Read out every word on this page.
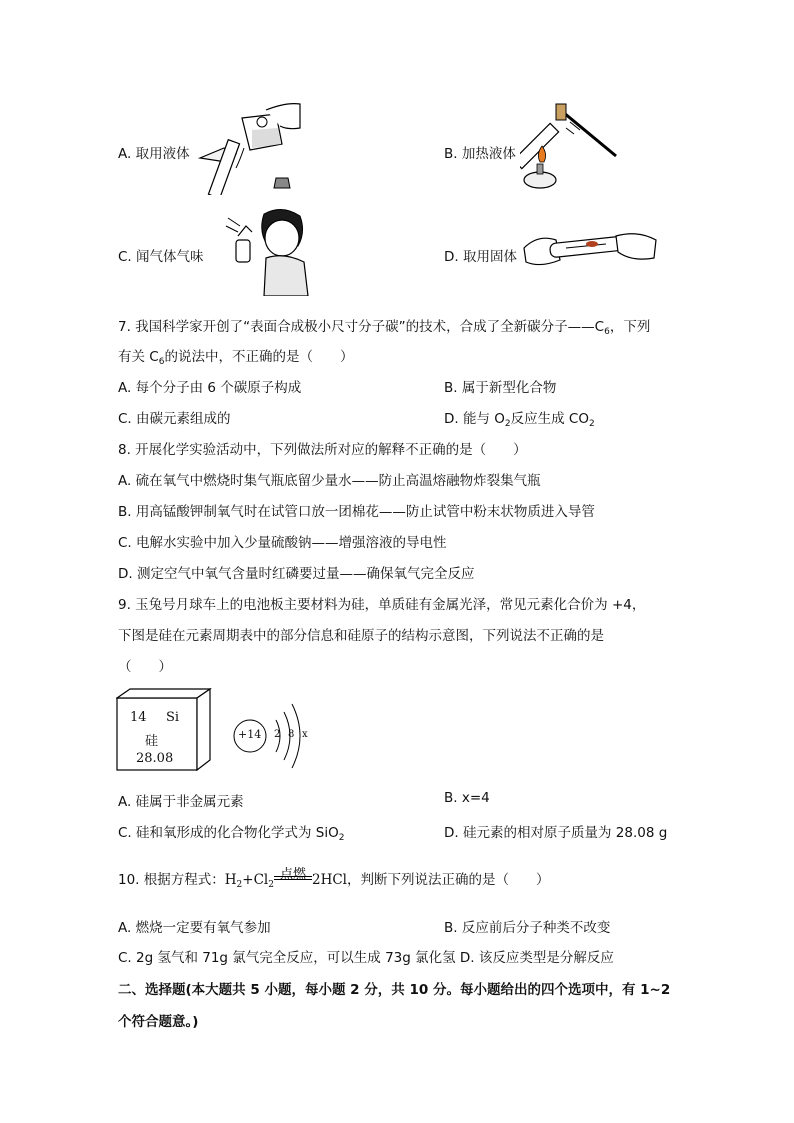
A. 取用液体	B. 加热液体
C. 闻气体气味	D. 取用固体
7. 我国科学家开创了“表面合成极小尺寸分子碳”的技术，合成了全新碳分子$——C_6$，下列
有关 $C_6$的说法中，不正确的是（　　）
A. 每个分子由 6 个碳原子构成	B. 属于新型化合物
C. 由碳元素组成的	D. 能与 $O_2$反应生成 $CO_2$
8. 开展化学实验活动中，下列做法所对应的解释不正确的是（　　）
A. 硫在氧气中燃烧时集气瓶底留少量水——防止高温熔融物炸裂集气瓶
B. 用高锰酸钾制氧气时在试管口放一团棉花——防止试管中粉末状物质进入导管
C. 电解水实验中加入少量硫酸钠——增强溶液的导电性
D. 测定空气中氧气含量时红磷要过量——确保氧气完全反应
9. 玉兔号月球车上的电池板主要材料为硅，单质硅有金属光泽，常见元素化合价为 +4，
下图是硅在元素周期表中的部分信息和硅原子的结构示意图，下列说法不正确的是
（　　）
14 Si
硅
28.08
+14 2 8 x
A. 硅属于非金属元素	B. x=4
C. 硅和氧形成的化合物化学式为 SiO$_2$	D. 硅元素的相对原子质量为 28.08 g
10. 根据方程式：$H_2+Cl_2$
点燃 2HCl，判断下列说法正确的是（　　）
A. 燃烧一定要有氧气参加	B. 反应前后分子种类不改变
C. 2g 氢气和 71g 氯气完全反应，可以生成 73g 氯化氢 D. 该反应类型是分解反应
二、选择题(本大题共 5 小题，每小题 2 分，共 10 分。每小题给出的四个选项中，有 1~2
个符合题意。)
